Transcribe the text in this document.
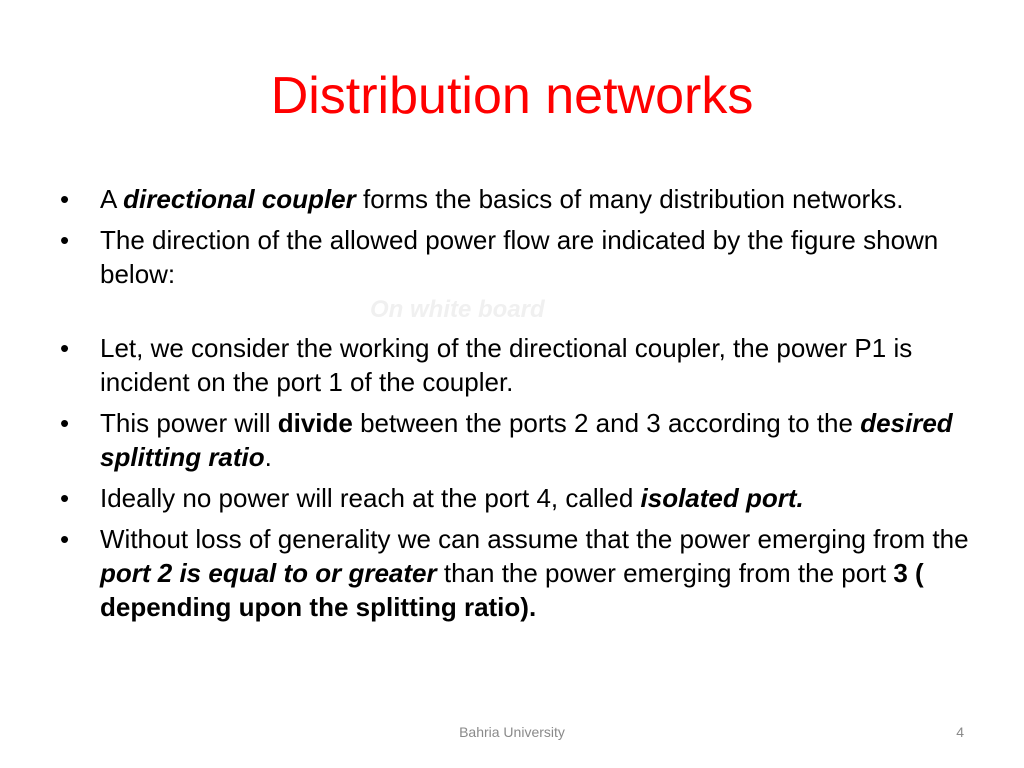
Distribution networks
•	A directional coupler forms the basics of many distribution networks.
•	The direction of the allowed power flow are indicated by the figure shown below:
On white board
•	Let, we consider the working of the directional coupler, the power P1 is incident on the port 1 of the coupler.
•	This power will divide between the ports 2 and 3 according to the desired splitting ratio.
•	Ideally no power will reach at the port 4, called isolated port.
•	Without loss of generality we can assume that the power emerging from the port 2 is equal to or greater than the power emerging from the port 3 ( depending upon the splitting ratio).
Bahria University	4
